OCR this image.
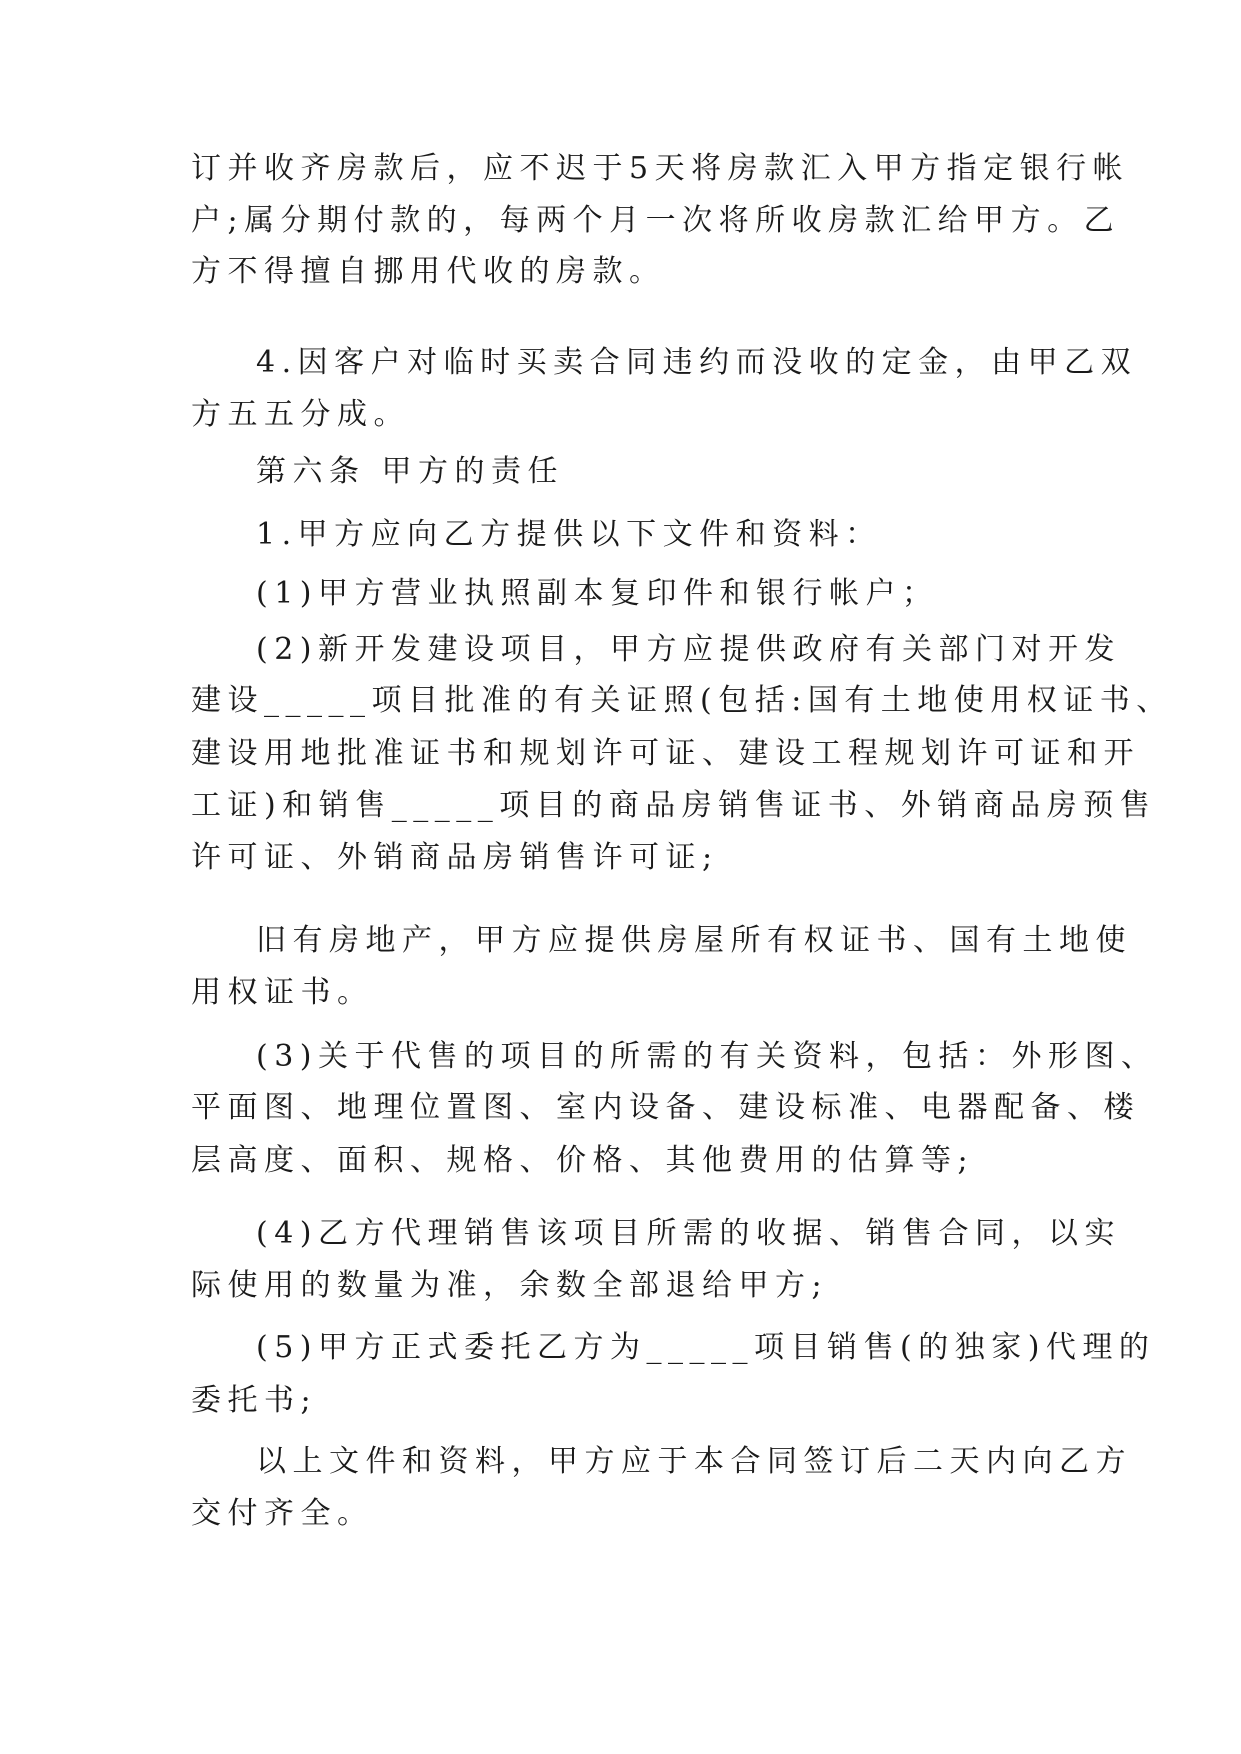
订并收齐房款后，应不迟于5天将房款汇入甲方指定银行帐
户;属分期付款的，每两个月一次将所收房款汇给甲方。乙
方不得擅自挪用代收的房款。
4.因客户对临时买卖合同违约而没收的定金，由甲乙双
方五五分成。
第六条 甲方的责任
1.甲方应向乙方提供以下文件和资料：
(1)甲方营业执照副本复印件和银行帐户；
(2)新开发建设项目，甲方应提供政府有关部门对开发
建设_____项目批准的有关证照(包括:国有土地使用权证书、
建设用地批准证书和规划许可证、建设工程规划许可证和开
工证)和销售_____项目的商品房销售证书、外销商品房预售
许可证、外销商品房销售许可证;
旧有房地产，甲方应提供房屋所有权证书、国有土地使
用权证书。
(3)关于代售的项目的所需的有关资料，包括：外形图、
平面图、地理位置图、室内设备、建设标准、电器配备、楼
层高度、面积、规格、价格、其他费用的估算等;
(4)乙方代理销售该项目所需的收据、销售合同，以实
际使用的数量为准，余数全部退给甲方;
(5)甲方正式委托乙方为_____项目销售(的独家)代理的
委托书;
以上文件和资料，甲方应于本合同签订后二天内向乙方
交付齐全。
